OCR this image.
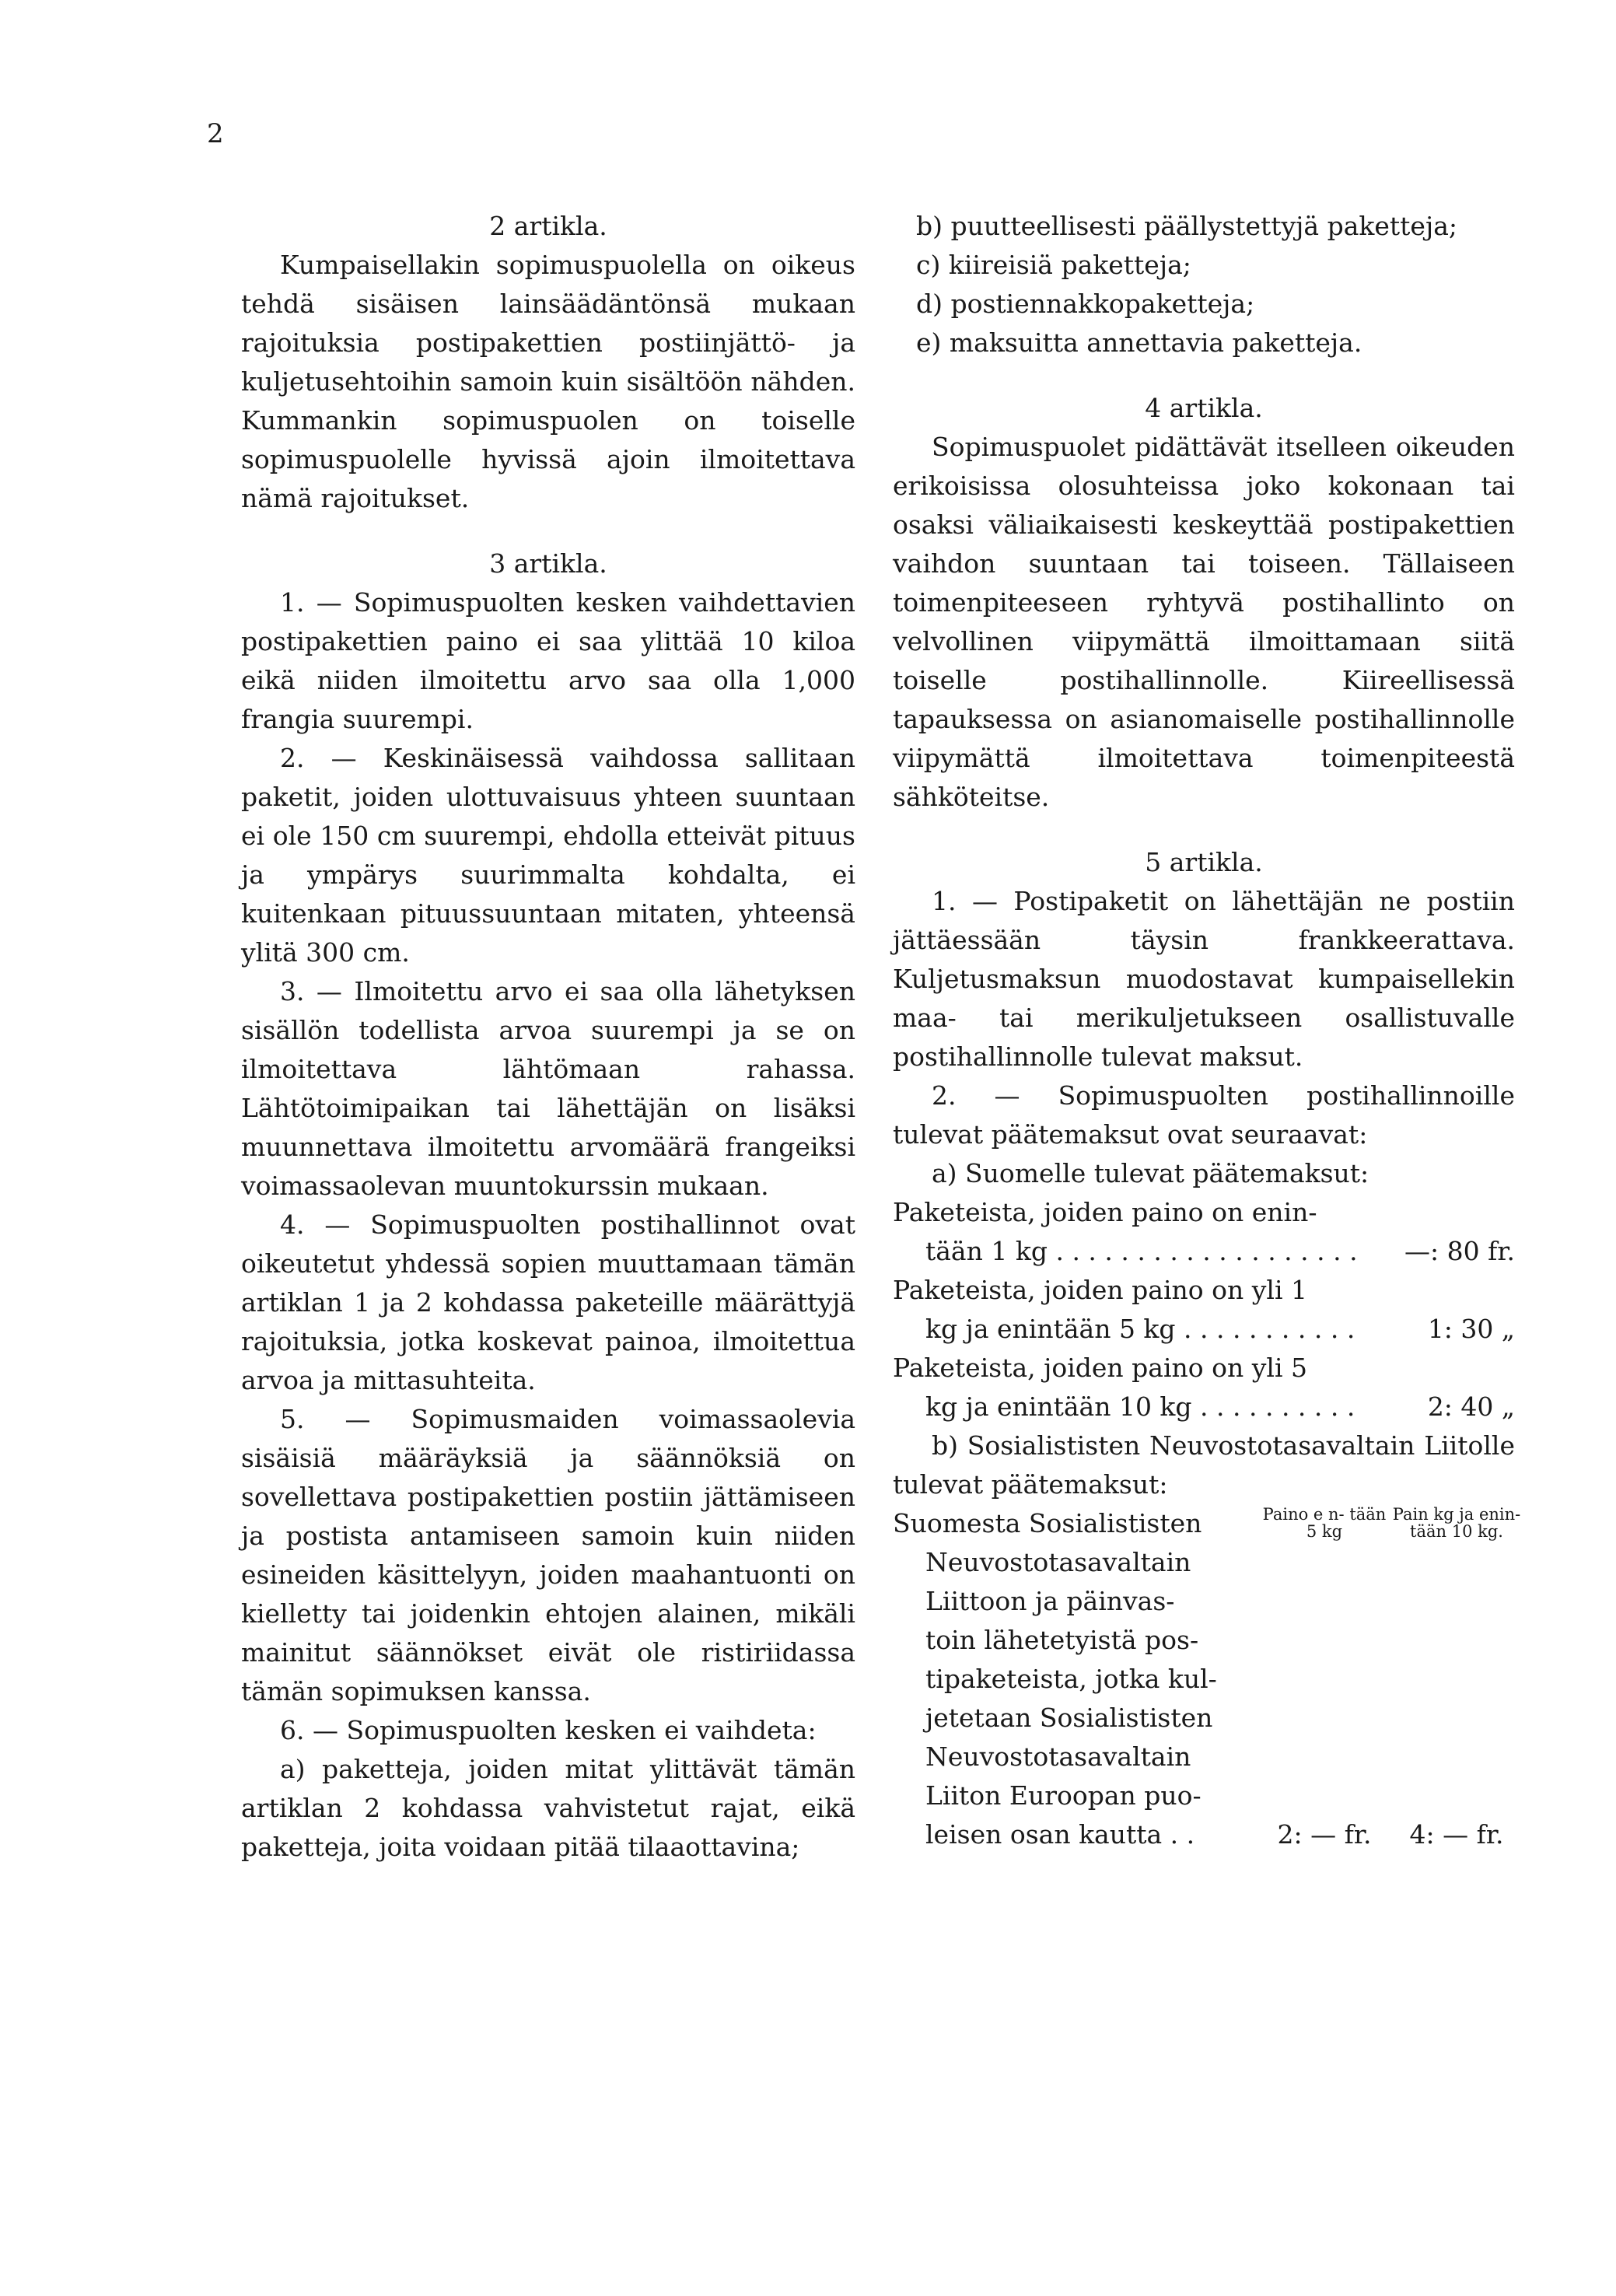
2
2 artikla.

Kumpaisellakin sopimuspuolella on oikeus tehdä sisäisen lainsäädäntönsä mukaan rajoituksia postipakettien postiinjättö- ja kuljetusehtoihin samoin kuin sisältöön nähden. Kummankin sopimuspuolen on toiselle sopimuspuolelle hyvissä ajoin ilmoitettava nämä rajoitukset.

3 artikla.

1. — Sopimuspuolten kesken vaihdettavien postipakettien paino ei saa ylittää 10 kiloa eikä niiden ilmoitettu arvo saa olla 1,000 frangia suurempi.

2. — Keskinäisessä vaihdossa sallitaan paketit, joiden ulottuvaisuus yhteen suuntaan ei ole 150 cm suurempi, ehdolla etteivät pituus ja ympärys suurimmalta kohdalta, ei kuitenkaan pituussuuntaan mitaten, yhteensä ylitä 300 cm.

3. — Ilmoitettu arvo ei saa olla lähetyksen sisällön todellista arvoa suurempi ja se on ilmoitettava lähtömaan rahassa. Lähtötoimipaikan tai lähettäjän on lisäksi muunnettava ilmoitettu arvomäärä frangeiksi voimassaolevan muuntokurssin mukaan.

4. — Sopimuspuolten postihallinnot ovat oikeutetut yhdessä sopien muuttamaan tämän artiklan 1 ja 2 kohdassa paketeille määrättyjä rajoituksia, jotka koskevat painoa, ilmoitettua arvoa ja mittasuhteita.

5. — Sopimusmaiden voimassaolevia sisäisiä määräyksiä ja säännöksiä on sovellettava postipakettien postiin jättämiseen ja postista antamiseen samoin kuin niiden esineiden käsittelyyn, joiden maahantuonti on kielletty tai joidenkin ehtojen alainen, mikäli mainitut säännökset eivät ole ristiriidassa tämän sopimuksen kanssa.

6. — Sopimuspuolten kesken ei vaihdeta:

a) paketteja, joiden mitat ylittävät tämän artiklan 2 kohdassa vahvistetut rajat, eikä paketteja, joita voidaan pitää tilaaottavina;

b) puutteellisesti päällystettyjä paketteja;

c) kiireisiä paketteja;

d) postiennakkopaketteja;

e) maksuitta annettavia paketteja.

4 artikla.

Sopimuspuolet pidättävät itselleen oikeuden erikoisissa olosuhteissa joko kokonaan tai osaksi väliaikaisesti keskeyttää postipakettien vaihdon suuntaan tai toiseen. Tällaiseen toimenpiteeseen ryhtyvä postihallinto on velvollinen viipymättä ilmoittamaan siitä toiselle postihallinnolle. Kiireellisessä tapauksessa on asianomaiselle postihallinnolle viipymättä ilmoitettava toimenpiteestä sähköteitse.

5 artikla.

1. — Postipaketit on lähettäjän ne postiin jättäessään täysin frankkeerattava. Kuljetusmaksun muodostavat kumpaisellekin maa- tai merikuljetukseen osallistuvalle postihallinnolle tulevat maksut.

2. — Sopimuspuolten postihallinnoille tulevat päätemaksut ovat seuraavat:

a) Suomelle tulevat päätemaksut:

Paketeista, joiden paino on enin-
tään 1 kg . . .	—: 80 fr.
Paketeista, joiden paino on yli 1
kg ja enintään 5 kg . . .	1: 30 „
Paketeista, joiden paino on yli 5
kg ja enintään 10 kg . . .	2: 40 „

b) Sosialististen Neuvostotasavaltain Liitolle tulevat päätemaksut:

Suomesta Sosialististen
Neuvostotasavaltain
Liittoon ja päinvas-
toin lähetetyistä pos-
tipaketeista, jotka kul-
jetetaan Sosialististen
Neuvostotasavaltain
Liiton Euroopan puo-
leisen osan kautta . .
Paino e n- tään 5 kg
Pain kg ja enin- tään 10 kg.
2: — fr.	4: — fr.
